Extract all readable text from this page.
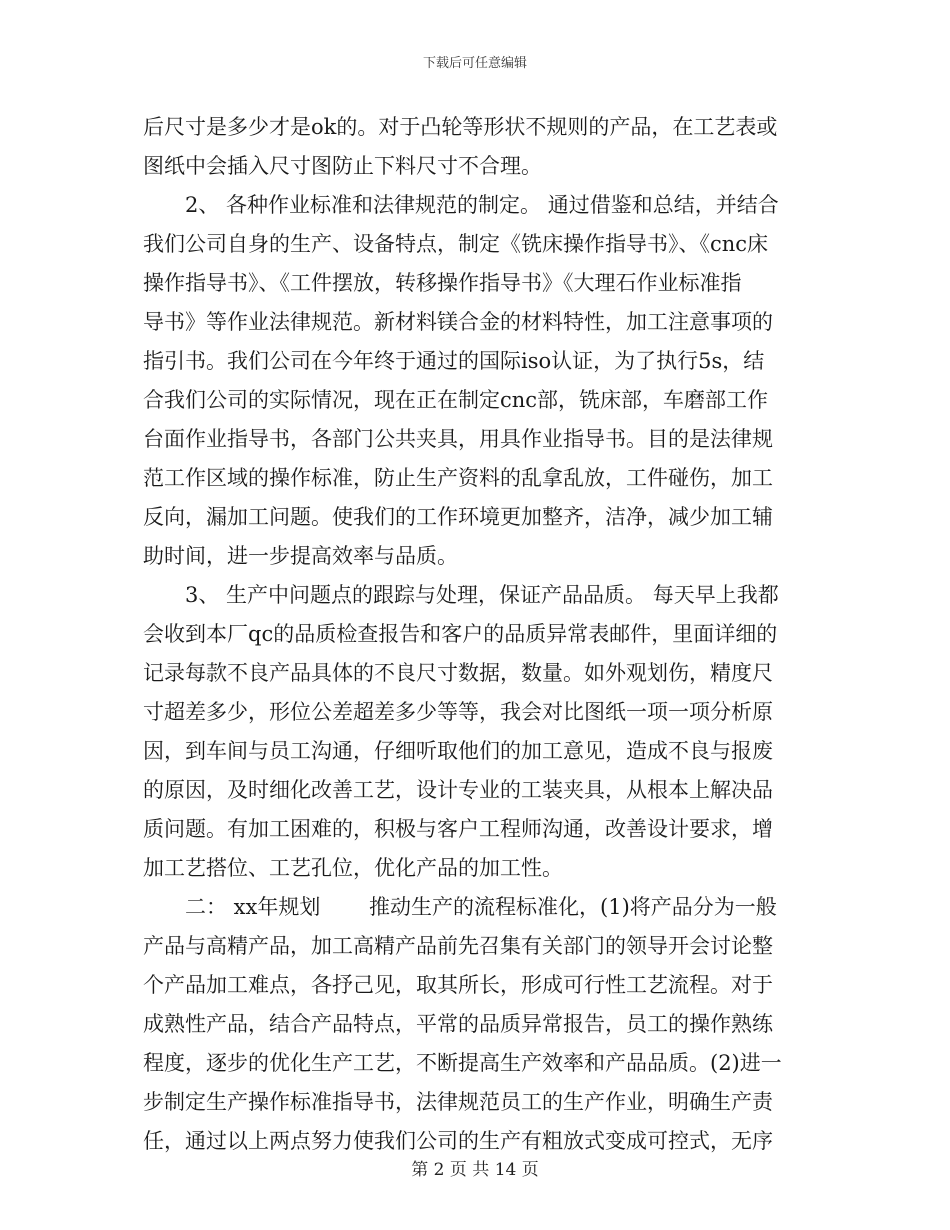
下载后可任意编辑
后尺寸是多少才是ok的。对于凸轮等形状不规则的产品，在工艺表或
图纸中会插入尺寸图防止下料尺寸不合理。
2、 各种作业标准和法律规范的制定。 通过借鉴和总结，并结合
我们公司自身的生产、设备特点，制定《铣床操作指导书》、《cnc床
操作指导书》、《工件摆放，转移操作指导书》《大理石作业标准指
导书》等作业法律规范。新材料镁合金的材料特性，加工注意事项的
指引书。我们公司在今年终于通过的国际iso认证，为了执行5s，结
合我们公司的实际情况，现在正在制定cnc部，铣床部，车磨部工作
台面作业指导书，各部门公共夹具，用具作业指导书。目的是法律规
范工作区域的操作标准，防止生产资料的乱拿乱放，工件碰伤，加工
反向，漏加工问题。使我们的工作环境更加整齐，洁净，减少加工辅
助时间，进一步提高效率与品质。
3、 生产中问题点的跟踪与处理，保证产品品质。 每天早上我都
会收到本厂qc的品质检查报告和客户的品质异常表邮件，里面详细的
记录每款不良产品具体的不良尺寸数据，数量。如外观划伤，精度尺
寸超差多少，形位公差超差多少等等，我会对比图纸一项一项分析原
因，到车间与员工沟通，仔细听取他们的加工意见，造成不良与报废
的原因，及时细化改善工艺，设计专业的工装夹具，从根本上解决品
质问题。有加工困难的，积极与客户工程师沟通，改善设计要求，增
加工艺搭位、工艺孔位，优化产品的加工性。
二： xx年规划　　 推动生产的流程标准化，(1)将产品分为一般
产品与高精产品，加工高精产品前先召集有关部门的领导开会讨论整
个产品加工难点，各抒己见，取其所长，形成可行性工艺流程。对于
成熟性产品，结合产品特点，平常的品质异常报告，员工的操作熟练
程度，逐步的优化生产工艺，不断提高生产效率和产品品质。(2)进一
步制定生产操作标准指导书，法律规范员工的生产作业，明确生产责
任，通过以上两点努力使我们公司的生产有粗放式变成可控式，无序
第 2 页 共 14 页
